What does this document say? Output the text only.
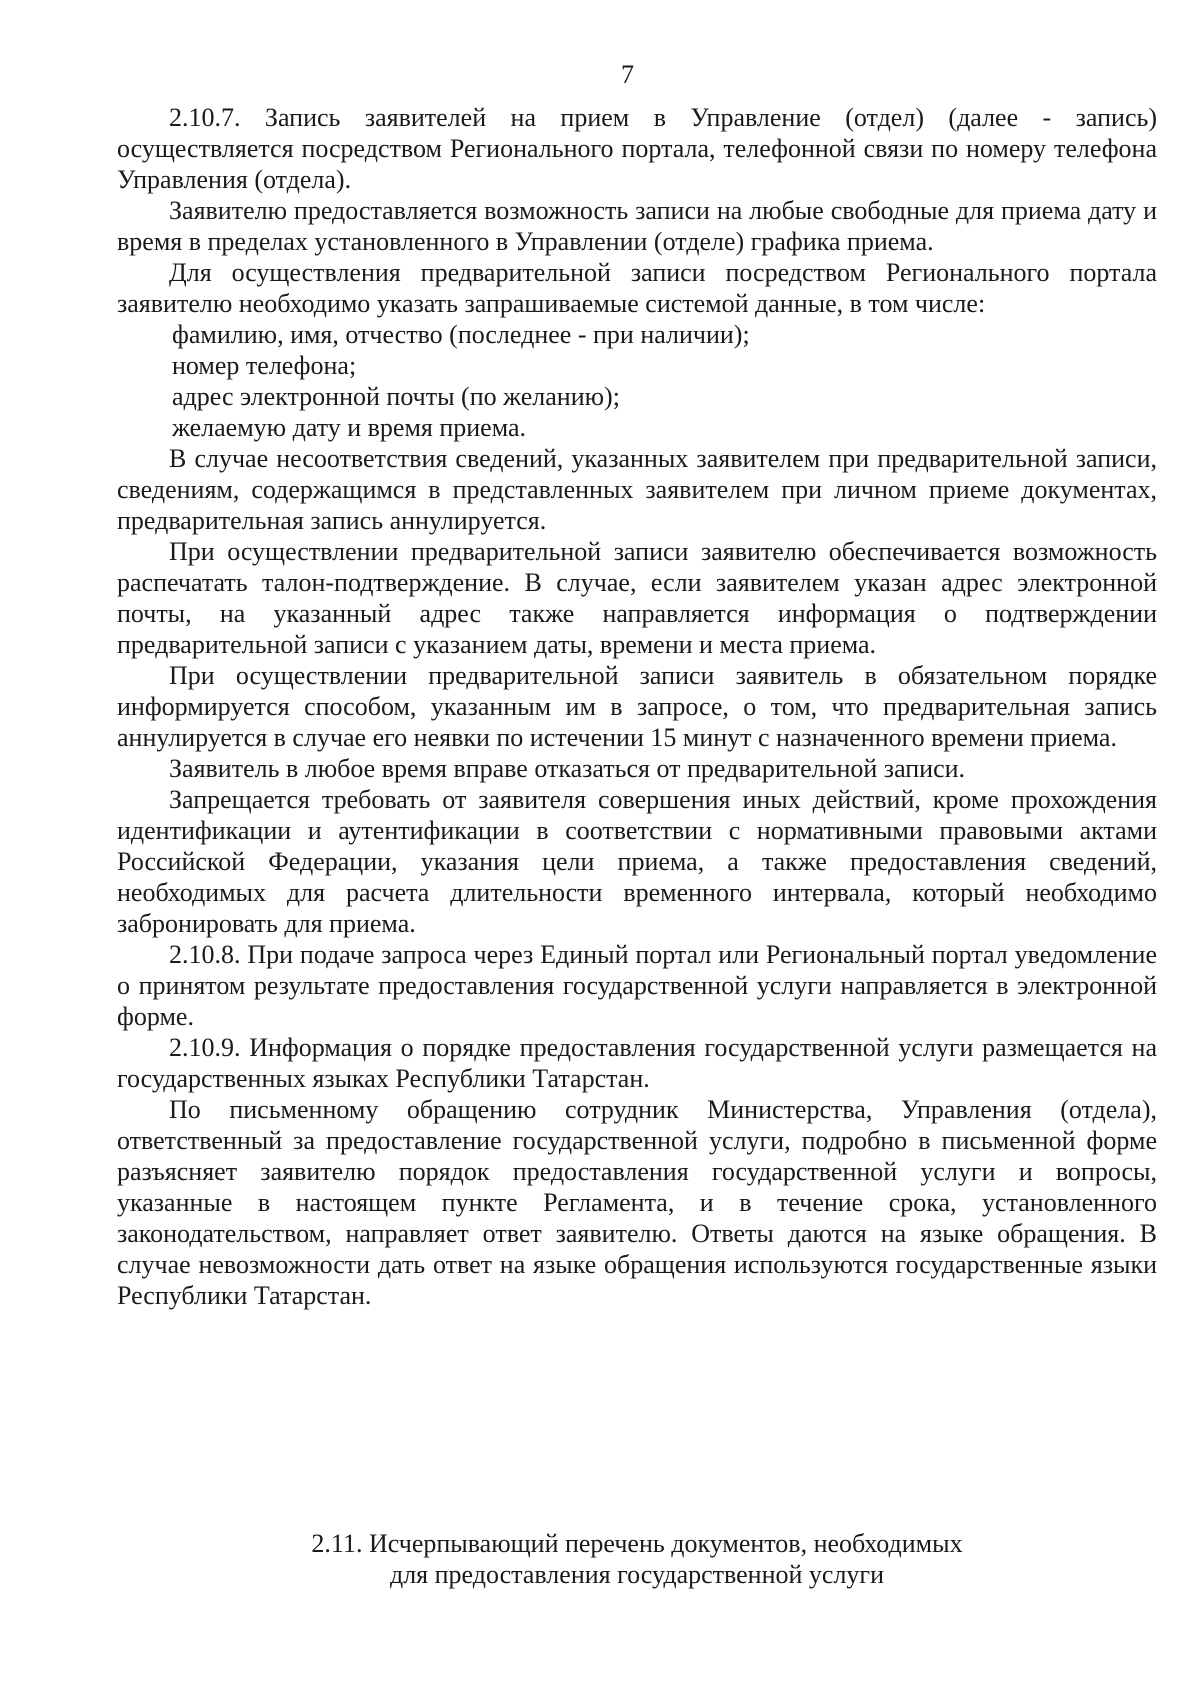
7

2.10.7. Запись заявителей на прием в Управление (отдел) (далее - запись) осуществляется посредством Регионального портала, телефонной связи по номеру телефона Управления (отдела).

Заявителю предоставляется возможность записи на любые свободные для приема дату и время в пределах установленного в Управлении (отделе) графика приема.

Для осуществления предварительной записи посредством Регионального портала заявителю необходимо указать запрашиваемые системой данные, в том числе:

фамилию, имя, отчество (последнее - при наличии);

номер телефона;

адрес электронной почты (по желанию);

желаемую дату и время приема.

В случае несоответствия сведений, указанных заявителем при предварительной записи, сведениям, содержащимся в представленных заявителем при личном приеме документах, предварительная запись аннулируется.

При осуществлении предварительной записи заявителю обеспечивается возможность распечатать талон-подтверждение. В случае, если заявителем указан адрес электронной почты, на указанный адрес также направляется информация о подтверждении предварительной записи с указанием даты, времени и места приема.

При осуществлении предварительной записи заявитель в обязательном порядке информируется способом, указанным им в запросе, о том, что предварительная запись аннулируется в случае его неявки по истечении 15 минут с назначенного времени приема.

Заявитель в любое время вправе отказаться от предварительной записи.

Запрещается требовать от заявителя совершения иных действий, кроме прохождения идентификации и аутентификации в соответствии с нормативными правовыми актами Российской Федерации, указания цели приема, а также предоставления сведений, необходимых для расчета длительности временного интервала, который необходимо забронировать для приема.

2.10.8. При подаче запроса через Единый портал или Региональный портал уведомление о принятом результате предоставления государственной услуги направляется в электронной форме.

2.10.9. Информация о порядке предоставления государственной услуги размещается на государственных языках Республики Татарстан.

По письменному обращению сотрудник Министерства, Управления (отдела), ответственный за предоставление государственной услуги, подробно в письменной форме разъясняет заявителю порядок предоставления государственной услуги и вопросы, указанные в настоящем пункте Регламента, и в течение срока, установленного законодательством, направляет ответ заявителю. Ответы даются на языке обращения. В случае невозможности дать ответ на языке обращения используются государственные языки Республики Татарстан.

2.11. Исчерпывающий перечень документов, необходимых
для предоставления государственной услуги
